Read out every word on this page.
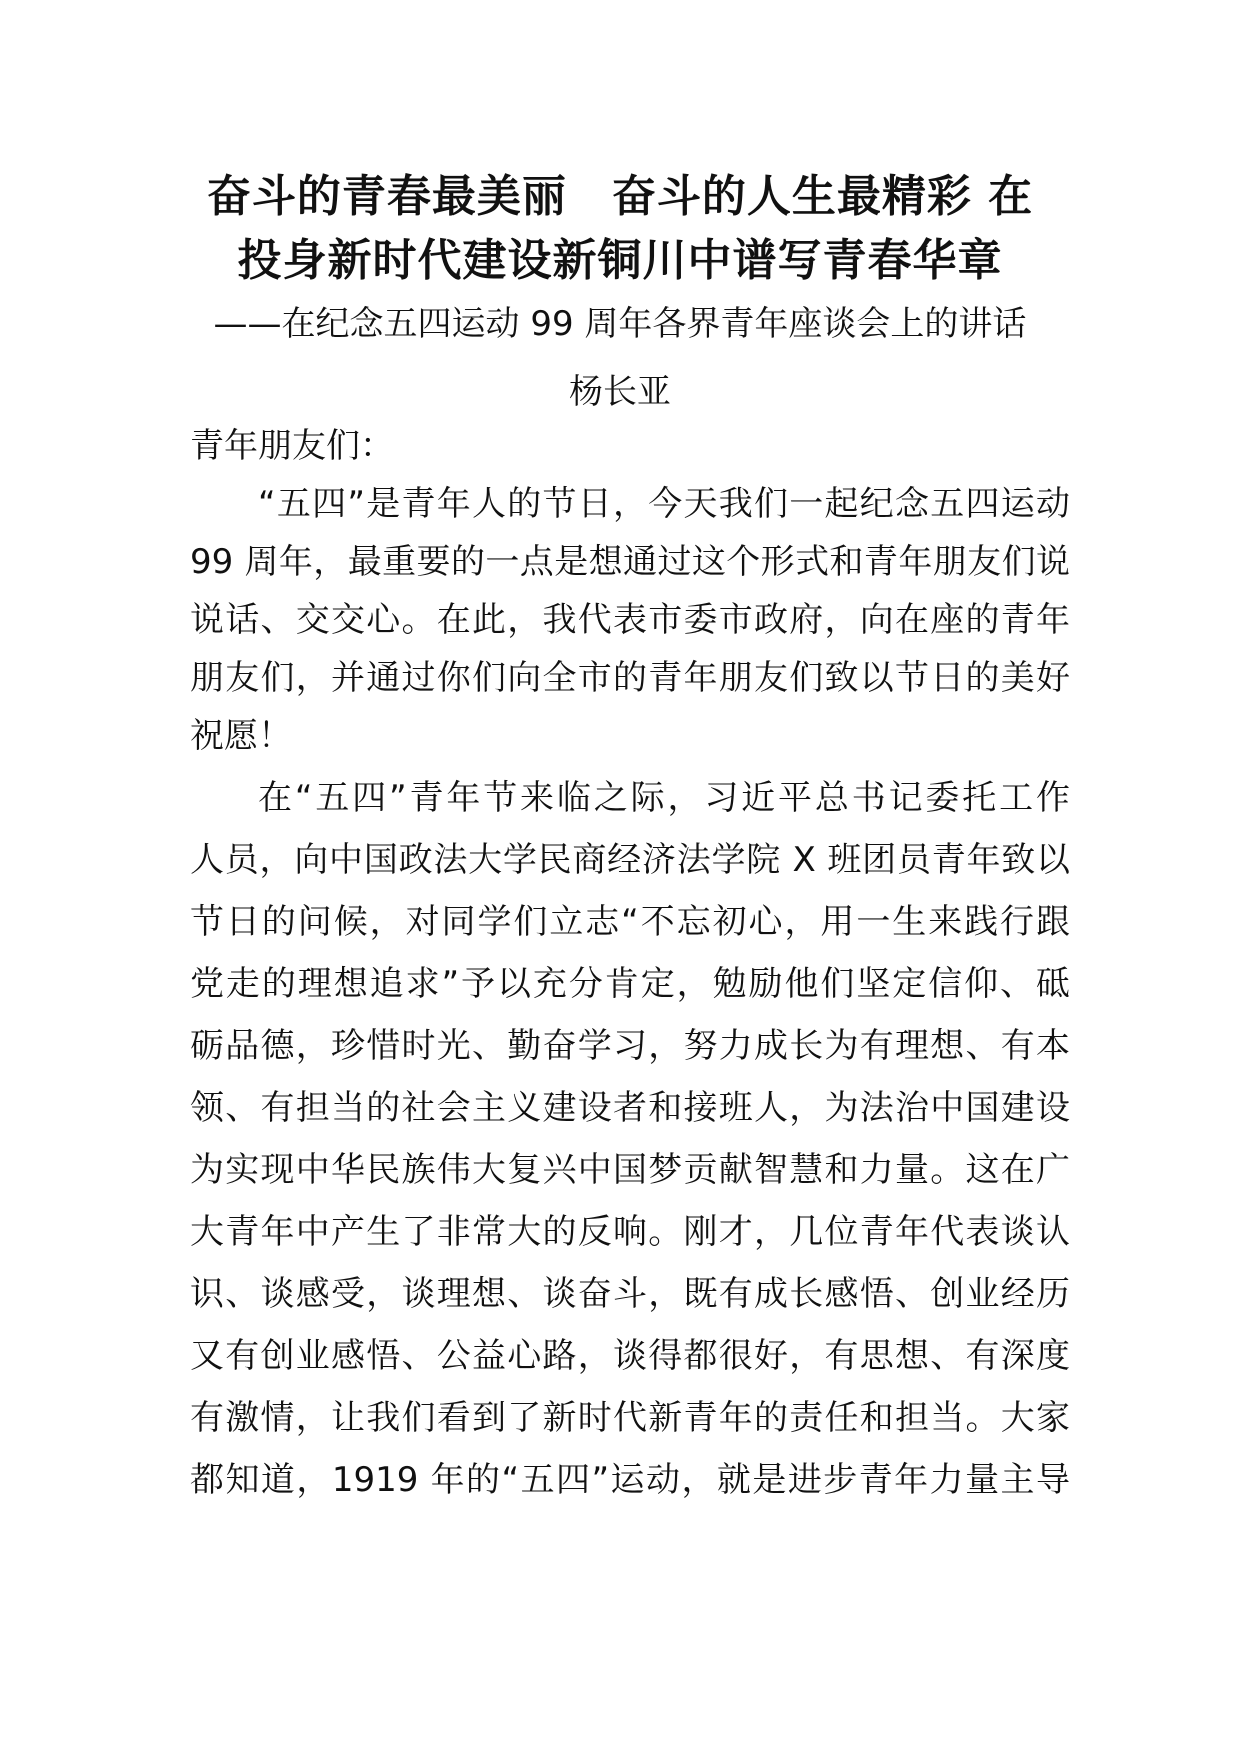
奋斗的青春最美丽　奋斗的人生最精彩 在
投身新时代建设新铜川中谱写青春华章
——在纪念五四运动 99 周年各界青年座谈会上的讲话
杨长亚
青年朋友们：
“五四”是青年人的节日，今天我们一起纪念五四运动
99 周年，最重要的一点是想通过这个形式和青年朋友们说
说话、交交心。在此，我代表市委市政府，向在座的青年
朋友们，并通过你们向全市的青年朋友们致以节日的美好
祝愿！
在“五四”青年节来临之际，习近平总书记委托工作
人员，向中国政法大学民商经济法学院 X 班团员青年致以
节日的问候，对同学们立志“不忘初心，用一生来践行跟
党走的理想追求”予以充分肯定，勉励他们坚定信仰、砥
砺品德，珍惜时光、勤奋学习，努力成长为有理想、有本
领、有担当的社会主义建设者和接班人，为法治中国建设
为实现中华民族伟大复兴中国梦贡献智慧和力量。这在广
大青年中产生了非常大的反响。刚才，几位青年代表谈认
识、谈感受，谈理想、谈奋斗，既有成长感悟、创业经历
又有创业感悟、公益心路，谈得都很好，有思想、有深度
有激情，让我们看到了新时代新青年的责任和担当。大家
都知道，1919 年的“五四”运动，就是进步青年力量主导
